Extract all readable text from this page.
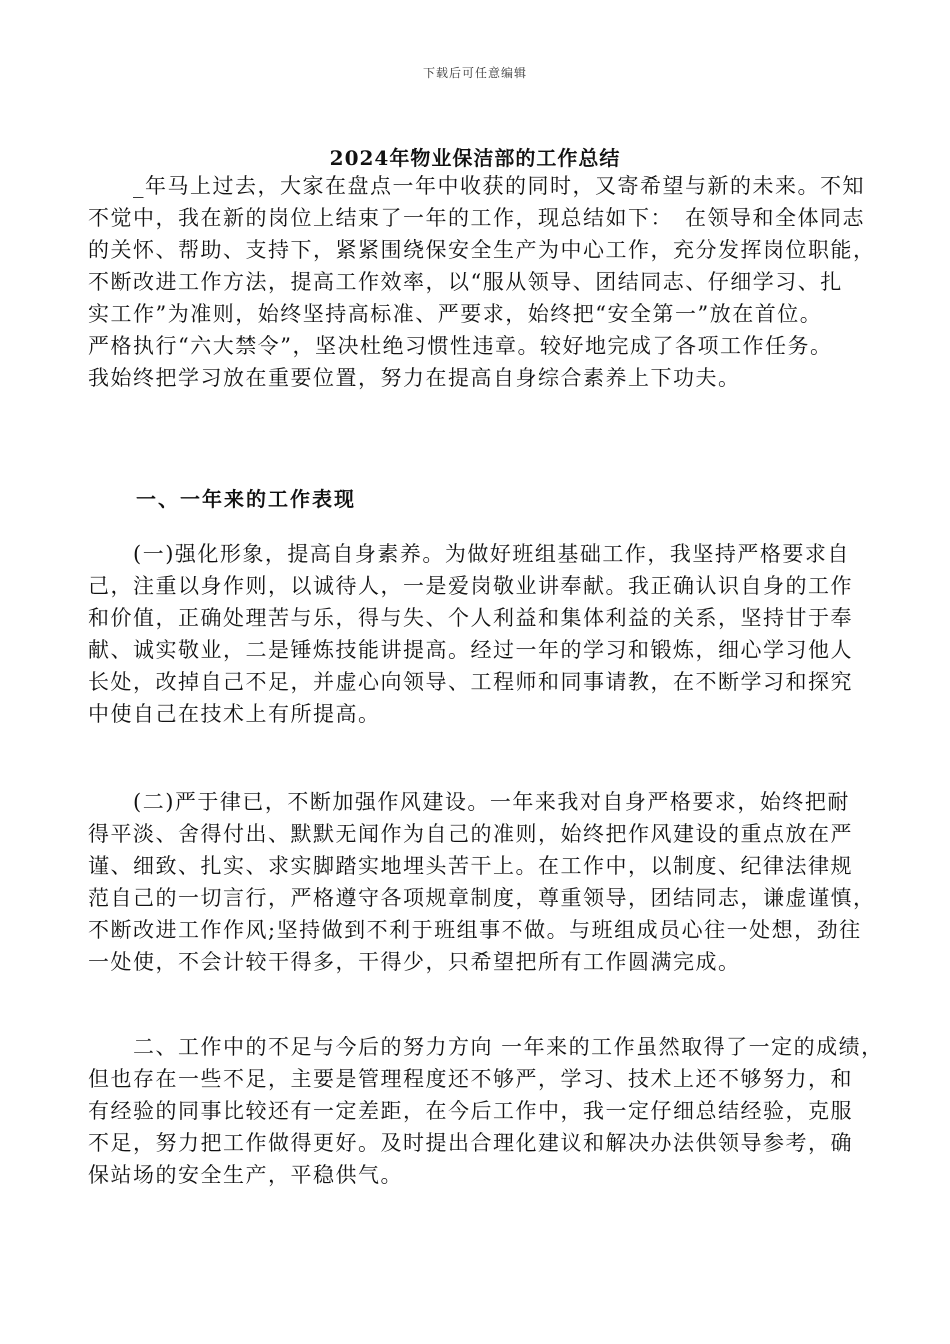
下载后可任意编辑
2024年物业保洁部的工作总结
　　_年马上过去，大家在盘点一年中收获的同时，又寄希望与新的未来。不知
不觉中，我在新的岗位上结束了一年的工作，现总结如下：　在领导和全体同志
的关怀、帮助、支持下，紧紧围绕保安全生产为中心工作，充分发挥岗位职能，
不断改进工作方法，提高工作效率，以“服从领导、团结同志、仔细学习、扎
实工作”为准则，始终坚持高标准、严要求，始终把“安全第一”放在首位。
严格执行“六大禁令”，坚决杜绝习惯性违章。较好地完成了各项工作任务。
我始终把学习放在重要位置，努力在提高自身综合素养上下功夫。
一、一年来的工作表现
　　(一)强化形象，提高自身素养。为做好班组基础工作，我坚持严格要求自
己，注重以身作则，以诚待人，一是爱岗敬业讲奉献。我正确认识自身的工作
和价值，正确处理苦与乐，得与失、个人利益和集体利益的关系，坚持甘于奉
献、诚实敬业，二是锤炼技能讲提高。经过一年的学习和锻炼，细心学习他人
长处，改掉自己不足，并虚心向领导、工程师和同事请教，在不断学习和探究
中使自己在技术上有所提高。
　　(二)严于律已，不断加强作风建设。一年来我对自身严格要求，始终把耐
得平淡、舍得付出、默默无闻作为自己的准则，始终把作风建设的重点放在严
谨、细致、扎实、求实脚踏实地埋头苦干上。在工作中，以制度、纪律法律规
范自己的一切言行，严格遵守各项规章制度，尊重领导，团结同志，谦虚谨慎，
不断改进工作作风;坚持做到不利于班组事不做。与班组成员心往一处想，劲往
一处使，不会计较干得多，干得少，只希望把所有工作圆满完成。
　　二、工作中的不足与今后的努力方向 一年来的工作虽然取得了一定的成绩，
但也存在一些不足，主要是管理程度还不够严，学习、技术上还不够努力，和
有经验的同事比较还有一定差距，在今后工作中，我一定仔细总结经验，克服
不足，努力把工作做得更好。及时提出合理化建议和解决办法供领导参考，确
保站场的安全生产，平稳供气。
